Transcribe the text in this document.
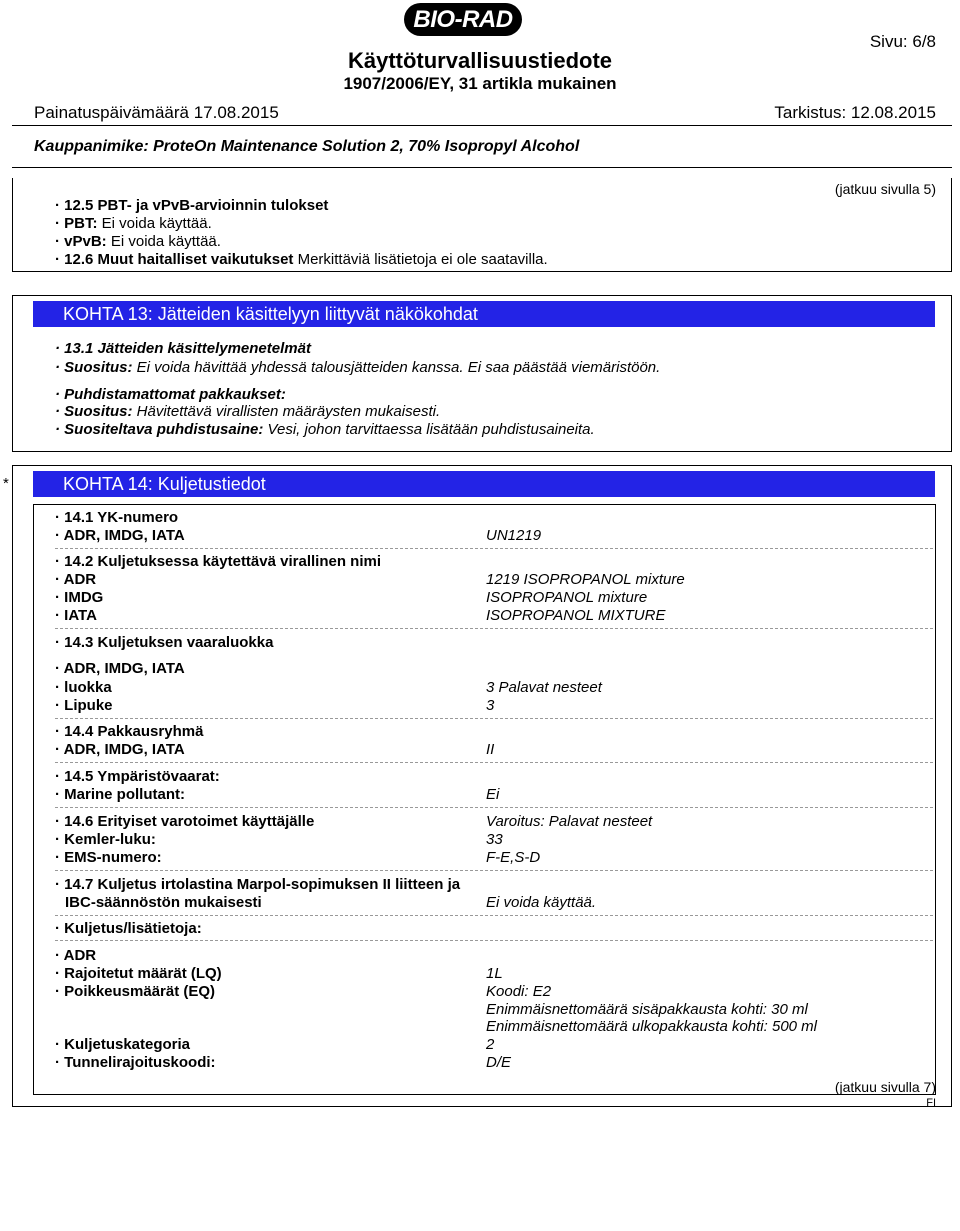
BIO-RAD
Käyttöturvallisuustiedote
1907/2006/EY, 31 artikla mukainen
Sivu: 6/8
Painatuspäivämäärä 17.08.2015	Tarkistus: 12.08.2015
Kauppanimike: ProteOn Maintenance Solution 2, 70% Isopropyl Alcohol
(jatkuu sivulla 5)
· 12.5 PBT- ja vPvB-arvioinnin tulokset
· PBT: Ei voida käyttää.
· vPvB: Ei voida käyttää.
· 12.6 Muut haitalliset vaikutukset Merkittäviä lisätietoja ei ole saatavilla.
KOHTA 13: Jätteiden käsittelyyn liittyvät näkökohdat
· 13.1 Jätteiden käsittelymenetelmät
· Suositus: Ei voida hävittää yhdessä talousjätteiden kanssa. Ei saa päästää viemäristöön.
· Puhdistamattomat pakkaukset:
· Suositus: Hävitettävä virallisten määräysten mukaisesti.
· Suositeltava puhdistusaine: Vesi, johon tarvittaessa lisätään puhdistusaineita.
*	KOHTA 14: Kuljetustiedot
· 14.1 YK-numero
· ADR, IMDG, IATA	UN1219
· 14.2 Kuljetuksessa käytettävä virallinen nimi
· ADR	1219 ISOPROPANOL mixture
· IMDG	ISOPROPANOL mixture
· IATA	ISOPROPANOL MIXTURE
· 14.3 Kuljetuksen vaaraluokka
· ADR, IMDG, IATA
· luokka	3 Palavat nesteet
· Lipuke	3
· 14.4 Pakkausryhmä
· ADR, IMDG, IATA	II
· 14.5 Ympäristövaarat:
· Marine pollutant:	Ei
· 14.6 Erityiset varotoimet käyttäjälle	Varoitus: Palavat nesteet
· Kemler-luku:	33
· EMS-numero:	F-E,S-D
· 14.7 Kuljetus irtolastina Marpol-sopimuksen II liitteen ja
IBC-säännöstön mukaisesti	Ei voida käyttää.
· Kuljetus/lisätietoja:
· ADR
· Rajoitetut määrät (LQ)	1L
· Poikkeusmäärät (EQ)	Koodi: E2
Enimmäisnettomäärä sisäpakkausta kohti: 30 ml
Enimmäisnettomäärä ulkopakkausta kohti: 500 ml
· Kuljetuskategoria	2
· Tunnelirajoituskoodi:	D/E
(jatkuu sivulla 7)
FI
